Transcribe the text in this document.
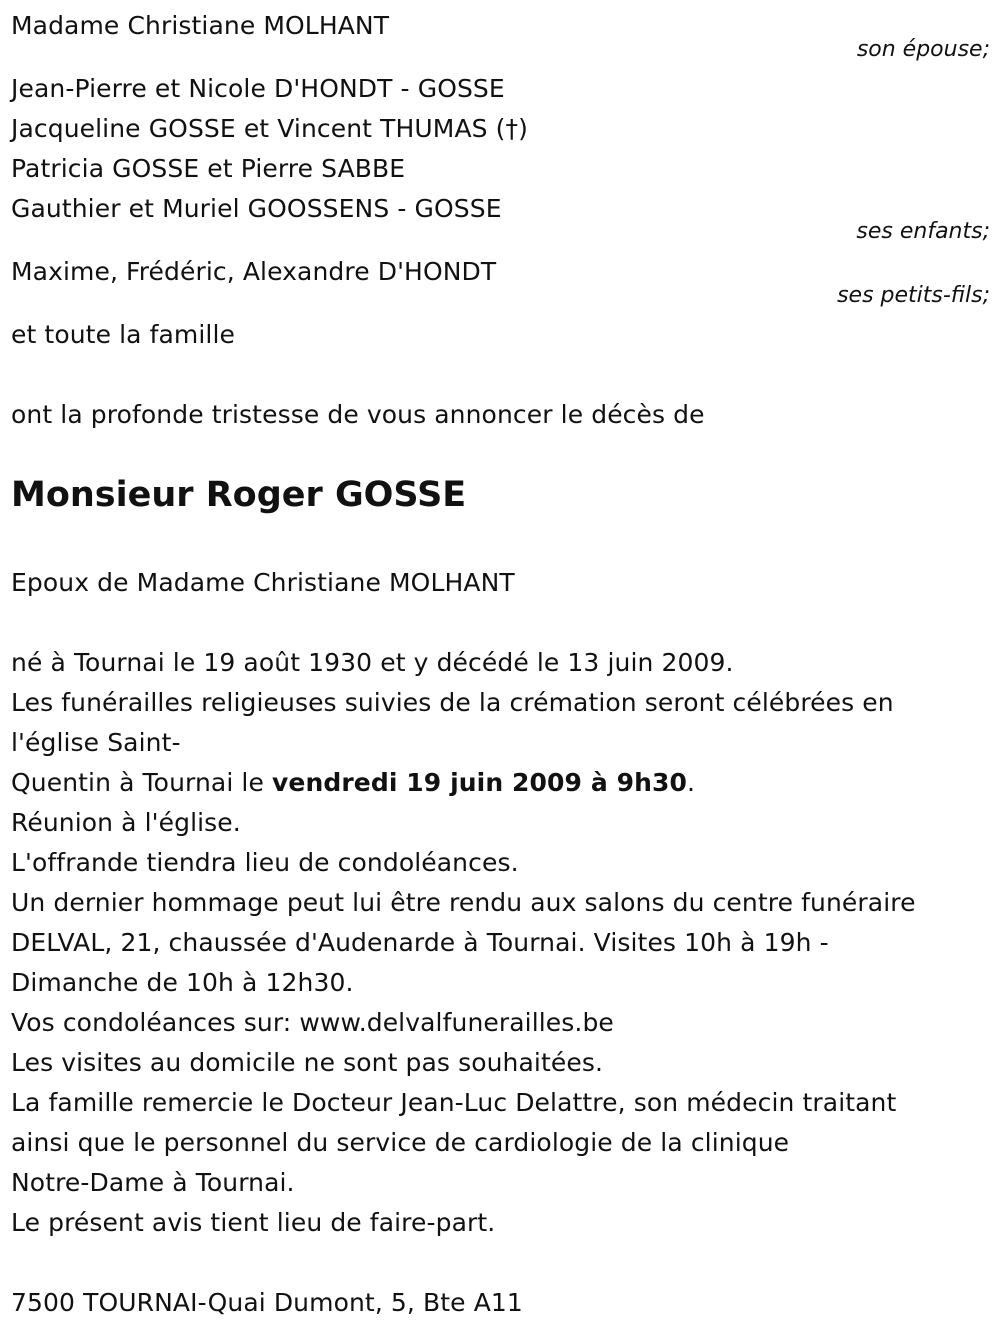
Madame Christiane MOLHANT
son épouse;
Jean-Pierre et Nicole D'HONDT - GOSSE
Jacqueline GOSSE et Vincent THUMAS (†)
Patricia GOSSE et Pierre SABBE
Gauthier et Muriel GOOSSENS - GOSSE
ses enfants;
Maxime, Frédéric, Alexandre D'HONDT
ses petits-fils;
et toute la famille
ont la profonde tristesse de vous annoncer le décès de
Monsieur Roger GOSSE
Epoux de Madame Christiane MOLHANT
né à Tournai le 19 août 1930 et y décédé le 13 juin 2009.
Les funérailles religieuses suivies de la crémation seront célébrées en
l'église Saint-
Quentin à Tournai le vendredi 19 juin 2009 à 9h30.
Réunion à l'église.
L'offrande tiendra lieu de condoléances.
Un dernier hommage peut lui être rendu aux salons du centre funéraire
DELVAL, 21, chaussée d'Audenarde à Tournai. Visites 10h à 19h -
Dimanche de 10h à 12h30.
Vos condoléances sur: www.delvalfunerailles.be
Les visites au domicile ne sont pas souhaitées.
La famille remercie le Docteur Jean-Luc Delattre, son médecin traitant
ainsi que le personnel du service de cardiologie de la clinique
Notre-Dame à Tournai.
Le présent avis tient lieu de faire-part.
7500 TOURNAI-Quai Dumont, 5, Bte A11
